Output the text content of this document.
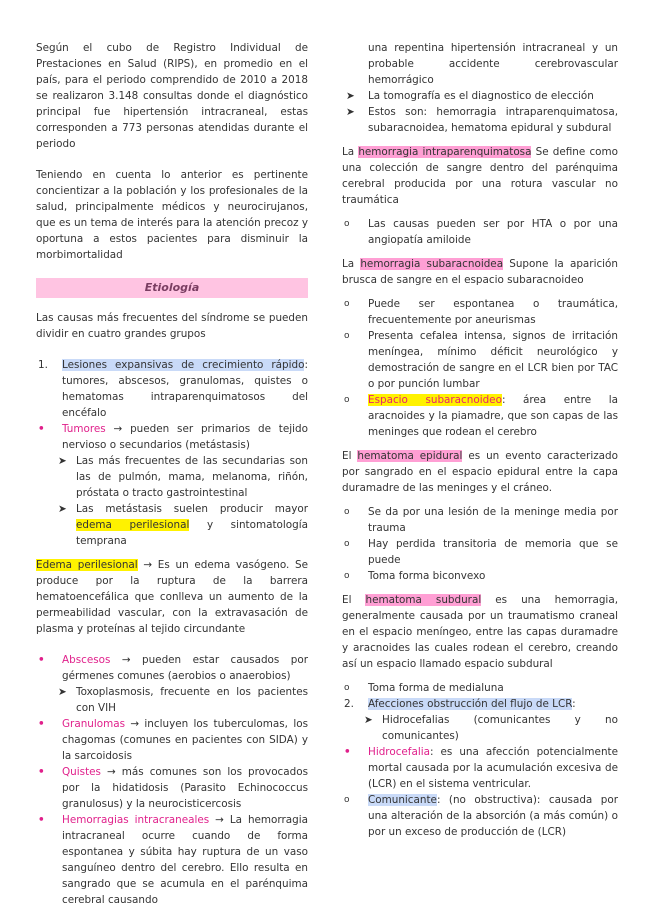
Según el cubo de Registro Individual de Prestaciones en Salud (RIPS), en promedio en el país, para el periodo comprendido de 2010 a 2018 se realizaron 3.148 consultas donde el diagnóstico principal fue hipertensión intracraneal, estas corresponden a 773 personas atendidas durante el periodo

Teniendo en cuenta lo anterior es pertinente concientizar a la población y los profesionales de la salud, principalmente médicos y neurocirujanos, que es un tema de interés para la atención precoz y oportuna a estos pacientes para disminuir la morbimortalidad

Etiología

Las causas más frecuentes del síndrome se pueden dividir en cuatro grandes grupos

1. Lesiones expansivas de crecimiento rápido: tumores, abscesos, granulomas, quistes o hematomas intraparenquimatosos del encéfalo
• Tumores → pueden ser primarios de tejido nervioso o secundarios (metástasis)
➤ Las más frecuentes de las secundarias son las de pulmón, mama, melanoma, riñón, próstata o tracto gastrointestinal
➤ Las metástasis suelen producir mayor edema perilesional y sintomatología temprana

Edema perilesional → Es un edema vasógeno. Se produce por la ruptura de la barrera hematoencefálica que conlleva un aumento de la permeabilidad vascular, con la extravasación de plasma y proteínas al tejido circundante

• Abscesos → pueden estar causados por gérmenes comunes (aerobios o anaerobios)
➤ Toxoplasmosis, frecuente en los pacientes con VIH
• Granulomas → incluyen los tuberculomas, los chagomas (comunes en pacientes con SIDA) y la sarcoidosis
• Quistes → más comunes son los provocados por la hidatidosis (Parasito Echinococcus granulosus) y la neurocisticercosis
• Hemorragias intracraneales → La hemorragia intracraneal ocurre cuando de forma espontanea y súbita hay ruptura de un vaso sanguíneo dentro del cerebro. Ello resulta en sangrado que se acumula en el parénquima cerebral causando
una repentina hipertensión intracraneal y un probable accidente cerebrovascular hemorrágico
➤ La tomografía es el diagnostico de elección
➤ Estos son: hemorragia intraparenquimatosa, subaracnoidea, hematoma epidural y subdural

La hemorragia intraparenquimatosa Se define como una colección de sangre dentro del parénquima cerebral producida por una rotura vascular no traumática

o Las causas pueden ser por HTA o por una angiopatía amiloide

La hemorragia subaracnoidea Supone la aparición brusca de sangre en el espacio subaracnoideo

o Puede ser espontanea o traumática, frecuentemente por aneurismas
o Presenta cefalea intensa, signos de irritación meníngea, mínimo déficit neurológico y demostración de sangre en el LCR bien por TAC o por punción lumbar
o Espacio subaracnoideo: área entre la aracnoides y la piamadre, que son capas de las meninges que rodean el cerebro

El hematoma epidural es un evento caracterizado por sangrado en el espacio epidural entre la capa duramadre de las meninges y el cráneo.

o Se da por una lesión de la meninge media por trauma
o Hay perdida transitoria de memoria que se puede
o Toma forma biconvexo

El hematoma subdural es una hemorragia, generalmente causada por un traumatismo craneal en el espacio meníngeo, entre las capas duramadre y aracnoides las cuales rodean el cerebro, creando así un espacio llamado espacio subdural

o Toma forma de medialuna
2. Afecciones obstrucción del flujo de LCR:
➤ Hidrocefalias (comunicantes y no comunicantes)
• Hidrocefalia: es una afección potencialmente mortal causada por la acumulación excesiva de (LCR) en el sistema ventricular.
o Comunicante: (no obstructiva): causada por una alteración de la absorción (a más común) o por un exceso de producción de (LCR)
